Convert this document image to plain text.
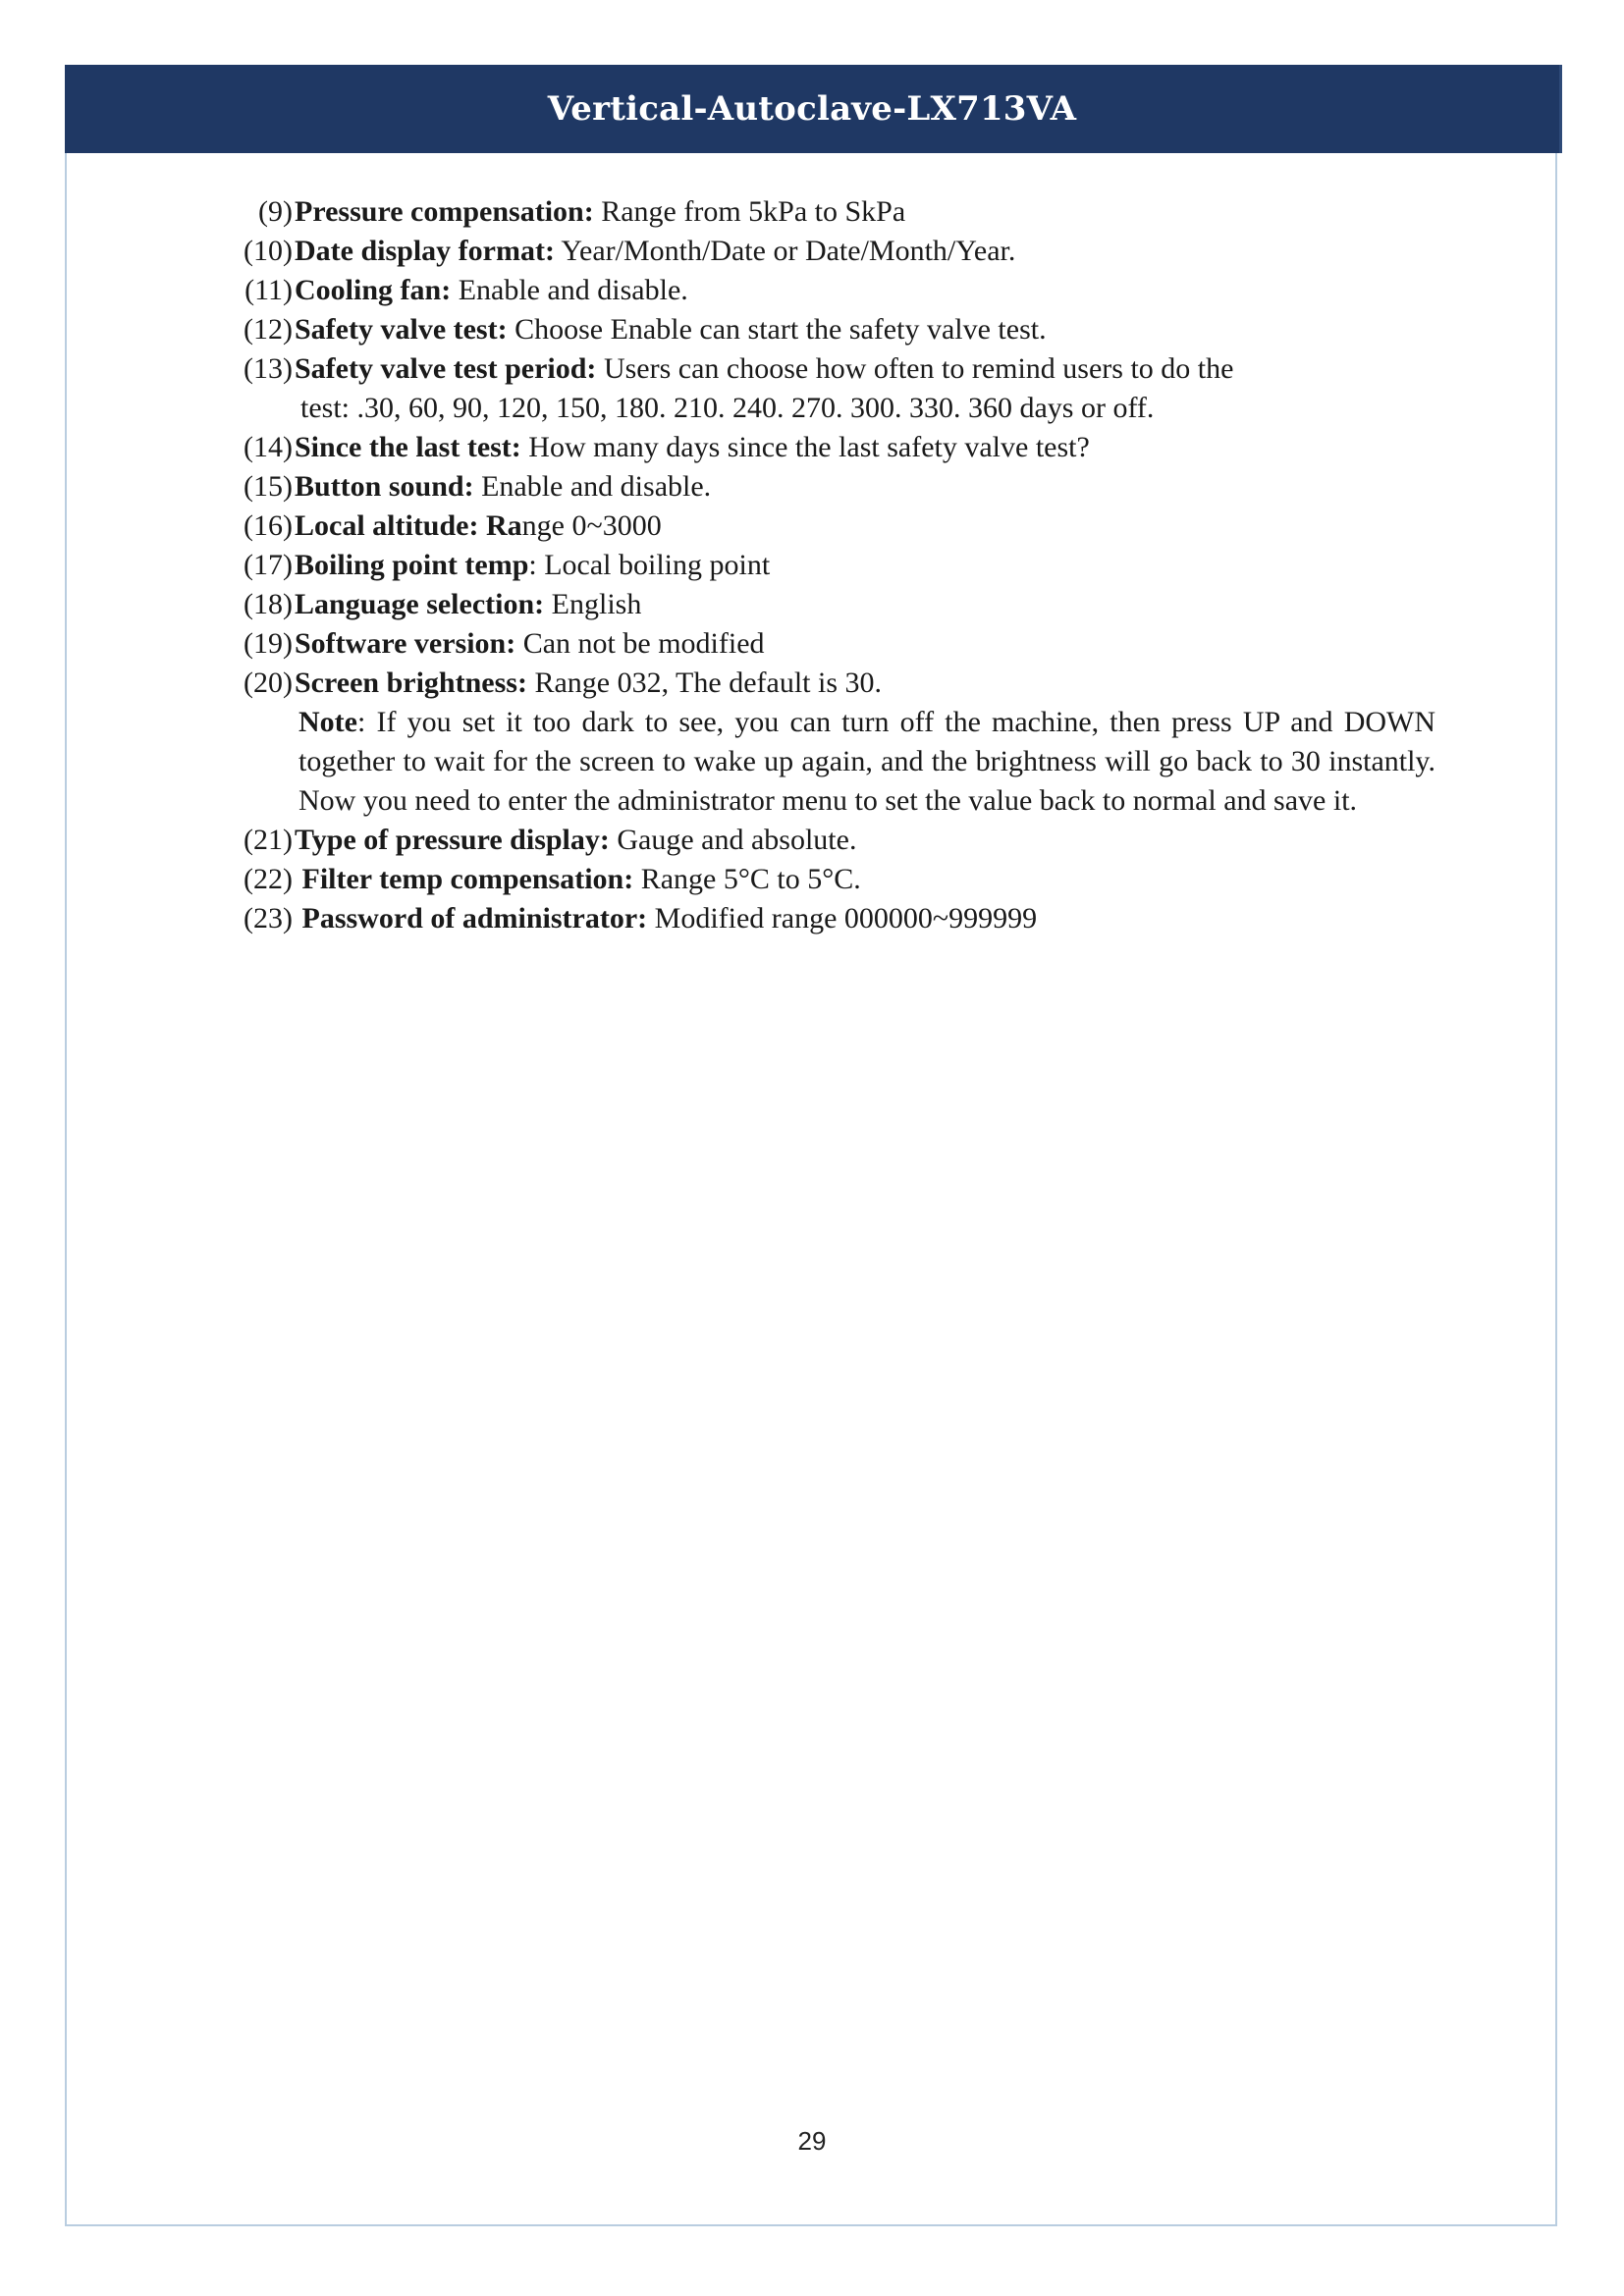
Vertical-Autoclave-LX713VA

(9) Pressure compensation: Range from 5kPa to SkPa

(10) Date display format: Year/Month/Date or Date/Month/Year.

(11) Cooling fan: Enable and disable.

(12) Safety valve test: Choose Enable can start the safety valve test.

(13) Safety valve test period: Users can choose how often to remind users to do the

test: .30, 60, 90, 120, 150, 180. 210. 240. 270. 300. 330. 360 days or off.

(14) Since the last test: How many days since the last safety valve test?

(15) Button sound: Enable and disable.

(16) Local altitude: Range 0~3000

(17) Boiling point temp: Local boiling point

(18) Language selection: English

(19) Software version: Can not be modified

(20) Screen brightness: Range 032, The default is 30.

Note: If you set it too dark to see, you can turn off the machine, then press UP and DOWN together to wait for the screen to wake up again, and the brightness will go back to 30 instantly. Now you need to enter the administrator menu to set the value back to normal and save it.

(21) Type of pressure display: Gauge and absolute.

(22) Filter temp compensation: Range 5°C to 5°C.

(23) Password of administrator: Modified range 000000~999999

29
